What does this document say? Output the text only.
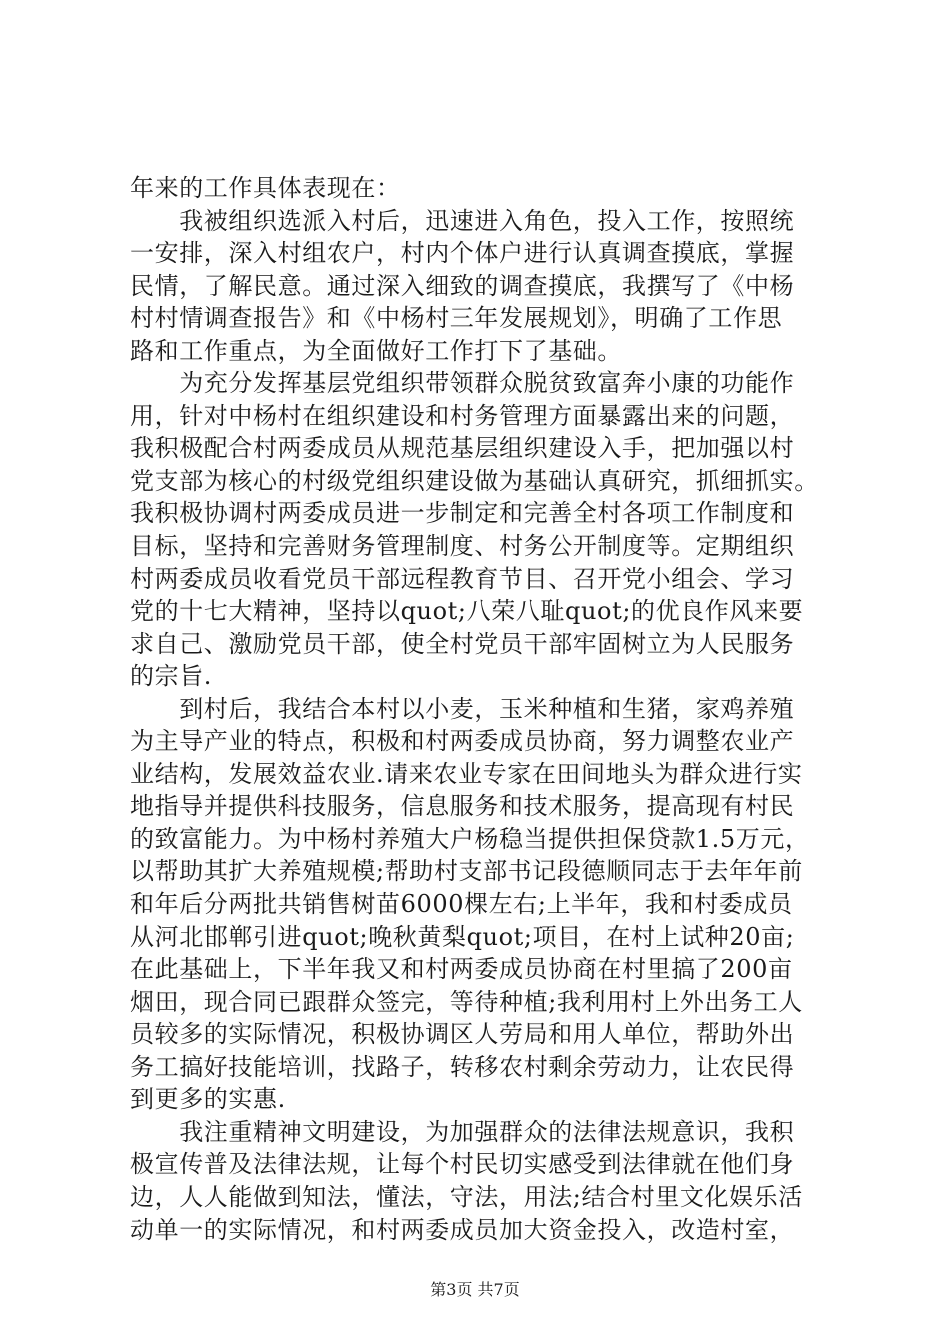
年来的工作具体表现在：
　　我被组织选派入村后，迅速进入角色，投入工作，按照统
一安排，深入村组农户，村内个体户进行认真调查摸底，掌握
民情，了解民意。通过深入细致的调查摸底，我撰写了《中杨
村村情调查报告》和《中杨村三年发展规划》，明确了工作思
路和工作重点，为全面做好工作打下了基础。
　　为充分发挥基层党组织带领群众脱贫致富奔小康的功能作
用，针对中杨村在组织建设和村务管理方面暴露出来的问题，
我积极配合村两委成员从规范基层组织建设入手，把加强以村
党支部为核心的村级党组织建设做为基础认真研究，抓细抓实。
我积极协调村两委成员进一步制定和完善全村各项工作制度和
目标，坚持和完善财务管理制度、村务公开制度等。定期组织
村两委成员收看党员干部远程教育节目、召开党小组会、学习
党的十七大精神，坚持以quot;八荣八耻quot;的优良作风来要
求自己、激励党员干部，使全村党员干部牢固树立为人民服务
的宗旨.
　　到村后，我结合本村以小麦，玉米种植和生猪，家鸡养殖
为主导产业的特点，积极和村两委成员协商，努力调整农业产
业结构，发展效益农业.请来农业专家在田间地头为群众进行实
地指导并提供科技服务，信息服务和技术服务，提高现有村民
的致富能力。为中杨村养殖大户杨稳当提供担保贷款1.5万元，
以帮助其扩大养殖规模;帮助村支部书记段德顺同志于去年年前
和年后分两批共销售树苗6000棵左右;上半年，我和村委成员
从河北邯郸引进quot;晚秋黄梨quot;项目，在村上试种20亩;
在此基础上，下半年我又和村两委成员协商在村里搞了200亩
烟田，现合同已跟群众签完，等待种植;我利用村上外出务工人
员较多的实际情况，积极协调区人劳局和用人单位，帮助外出
务工搞好技能培训，找路子，转移农村剩余劳动力，让农民得
到更多的实惠.
　　我注重精神文明建设，为加强群众的法律法规意识，我积
极宣传普及法律法规，让每个村民切实感受到法律就在他们身
边，人人能做到知法，懂法，守法，用法;结合村里文化娱乐活
动单一的实际情况，和村两委成员加大资金投入，改造村室，
第3页 共7页
